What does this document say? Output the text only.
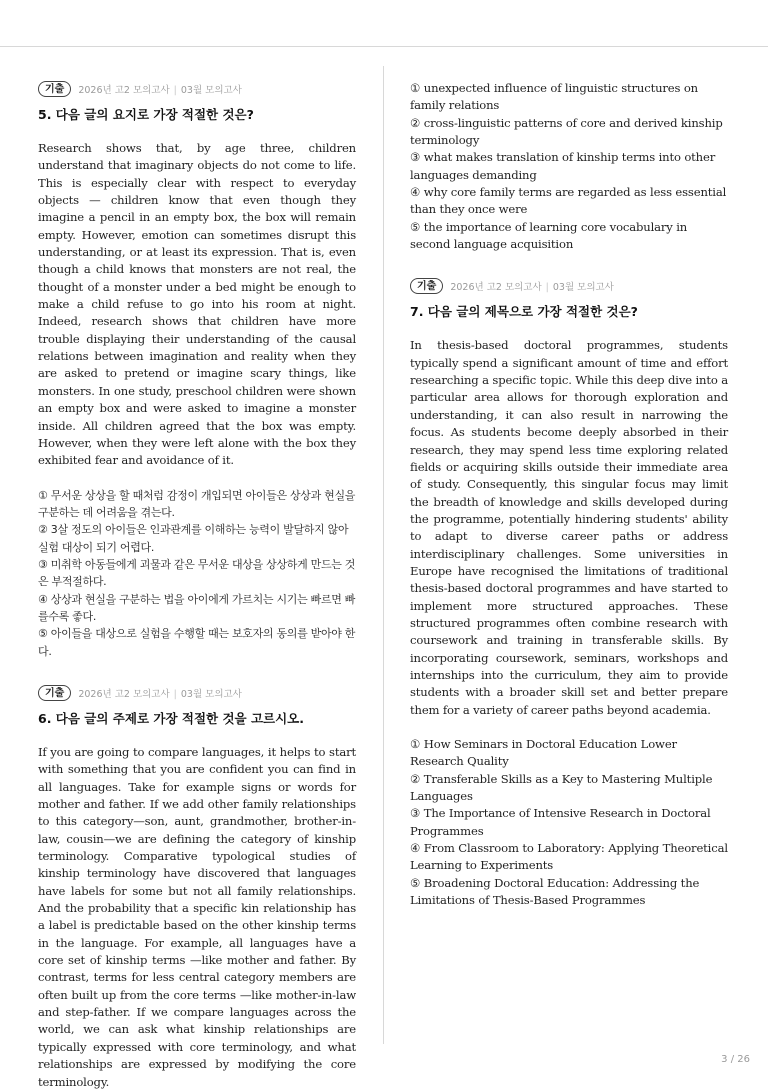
기출	2026년 고2 모의고사 | 03월 모의고사
5. 다음 글의 요지로 가장 적절한 것은?

Research shows that, by age three, children understand that imaginary objects do not come to life. This is especially clear with respect to everyday objects — children know that even though they imagine a pencil in an empty box, the box will remain empty. However, emotion can sometimes disrupt this understanding, or at least its expression. That is, even though a child knows that monsters are not real, the thought of a monster under a bed might be enough to make a child refuse to go into his room at night. Indeed, research shows that children have more trouble displaying their understanding of the causal relations between imagination and reality when they are asked to pretend or imagine scary things, like monsters. In one study, preschool children were shown an empty box and were asked to imagine a monster inside. All children agreed that the box was empty. However, when they were left alone with the box they exhibited fear and avoidance of it.

① 무서운 상상을 할 때처럼 감정이 개입되면 아이들은 상상과 현실을 구분하는 데 어려움을 겪는다.
② 3살 정도의 아이들은 인과관계를 이해하는 능력이 발달하지 않아 실험 대상이 되기 어렵다.
③ 미취학 아동들에게 괴물과 같은 무서운 대상을 상상하게 만드는 것은 부적절하다.
④ 상상과 현실을 구분하는 법을 아이에게 가르치는 시기는 빠르면 빠를수록 좋다.
⑤ 아이들을 대상으로 실험을 수행할 때는 보호자의 동의를 받아야 한다.
기출	2026년 고2 모의고사 | 03월 모의고사
6. 다음 글의 주제로 가장 적절한 것을 고르시오.

If you are going to compare languages, it helps to start with something that you are confident you can find in all languages. Take for example signs or words for mother and father. If we add other family relationships to this category—son, aunt, grandmother, brother-in-law, cousin—we are defining the category of kinship terminology. Comparative typological studies of kinship terminology have discovered that languages have labels for some but not all family relationships. And the probability that a specific kin relationship has a label is predictable based on the other kinship terms in the language. For example, all languages have a core set of kinship terms —like mother and father. By contrast, terms for less central category members are often built up from the core terms —like mother-in-law and step-father. If we compare languages across the world, we can ask what kinship relationships are typically expressed with core terminology, and what relationships are expressed by modifying the core terminology.

① unexpected influence of linguistic structures on family relations
② cross-linguistic patterns of core and derived kinship terminology
③ what makes translation of kinship terms into other languages demanding
④ why core family terms are regarded as less essential than they once were
⑤ the importance of learning core vocabulary in second language acquisition
기출	2026년 고2 모의고사 | 03월 모의고사
7. 다음 글의 제목으로 가장 적절한 것은?

In thesis-based doctoral programmes, students typically spend a significant amount of time and effort researching a specific topic. While this deep dive into a particular area allows for thorough exploration and understanding, it can also result in narrowing the focus. As students become deeply absorbed in their research, they may spend less time exploring related fields or acquiring skills outside their immediate area of study. Consequently, this singular focus may limit the breadth of knowledge and skills developed during the programme, potentially hindering students' ability to adapt to diverse career paths or address interdisciplinary challenges. Some universities in Europe have recognised the limitations of traditional thesis-based doctoral programmes and have started to implement more structured approaches. These structured programmes often combine research with coursework and training in transferable skills. By incorporating coursework, seminars, workshops and internships into the curriculum, they aim to provide students with a broader skill set and better prepare them for a variety of career paths beyond academia.

① How Seminars in Doctoral Education Lower Research Quality
② Transferable Skills as a Key to Mastering Multiple Languages
③ The Importance of Intensive Research in Doctoral Programmes
④ From Classroom to Laboratory: Applying Theoretical Learning to Experiments
⑤ Broadening Doctoral Education: Addressing the Limitations of Thesis-Based Programmes
3 / 26
